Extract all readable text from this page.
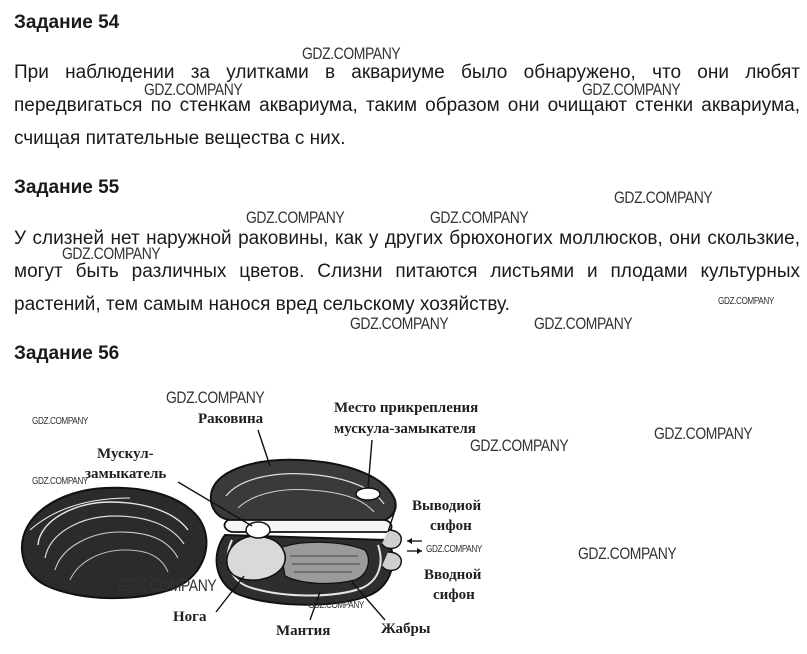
Задание 54

При наблюдении за улитками в аквариуме было обнаружено, что они любят передвигаться по стенкам аквариума, таким образом они очищают стенки аквариума, счищая питательные вещества с них.

Задание 55

У слизней нет наружной раковины, как у других брюхоногих моллюсков, они скользкие, могут быть различных цветов. Слизни питаются листьями и плодами культурных растений, тем самым нанося вред сельскому хозяйству.

Задание 56
Раковина
Мускул-
замыкатель
Место прикрепления
мускула-замыкателя
Выводиой
сифон
Вводной
сифон
Нога
Мантия	Жабры
GDZ.COMPANY
GDZ.COMPANY	GDZ.COMPANY
GDZ.COMPANY
GDZ.COMPANY	GDZ.COMPANY
GDZ.COMPANY
GDZ.COMPANY
GDZ.COMPANY	GDZ.COMPANY
GDZ.COMPANY
GDZ.COMPANY
GDZ.COMPANY
GDZ.COMPANY
GDZ.COMPANY
GDZ.COMPANY	GDZ.COMPANY
GDZ.COMPANY
GDZ.COMPANY
